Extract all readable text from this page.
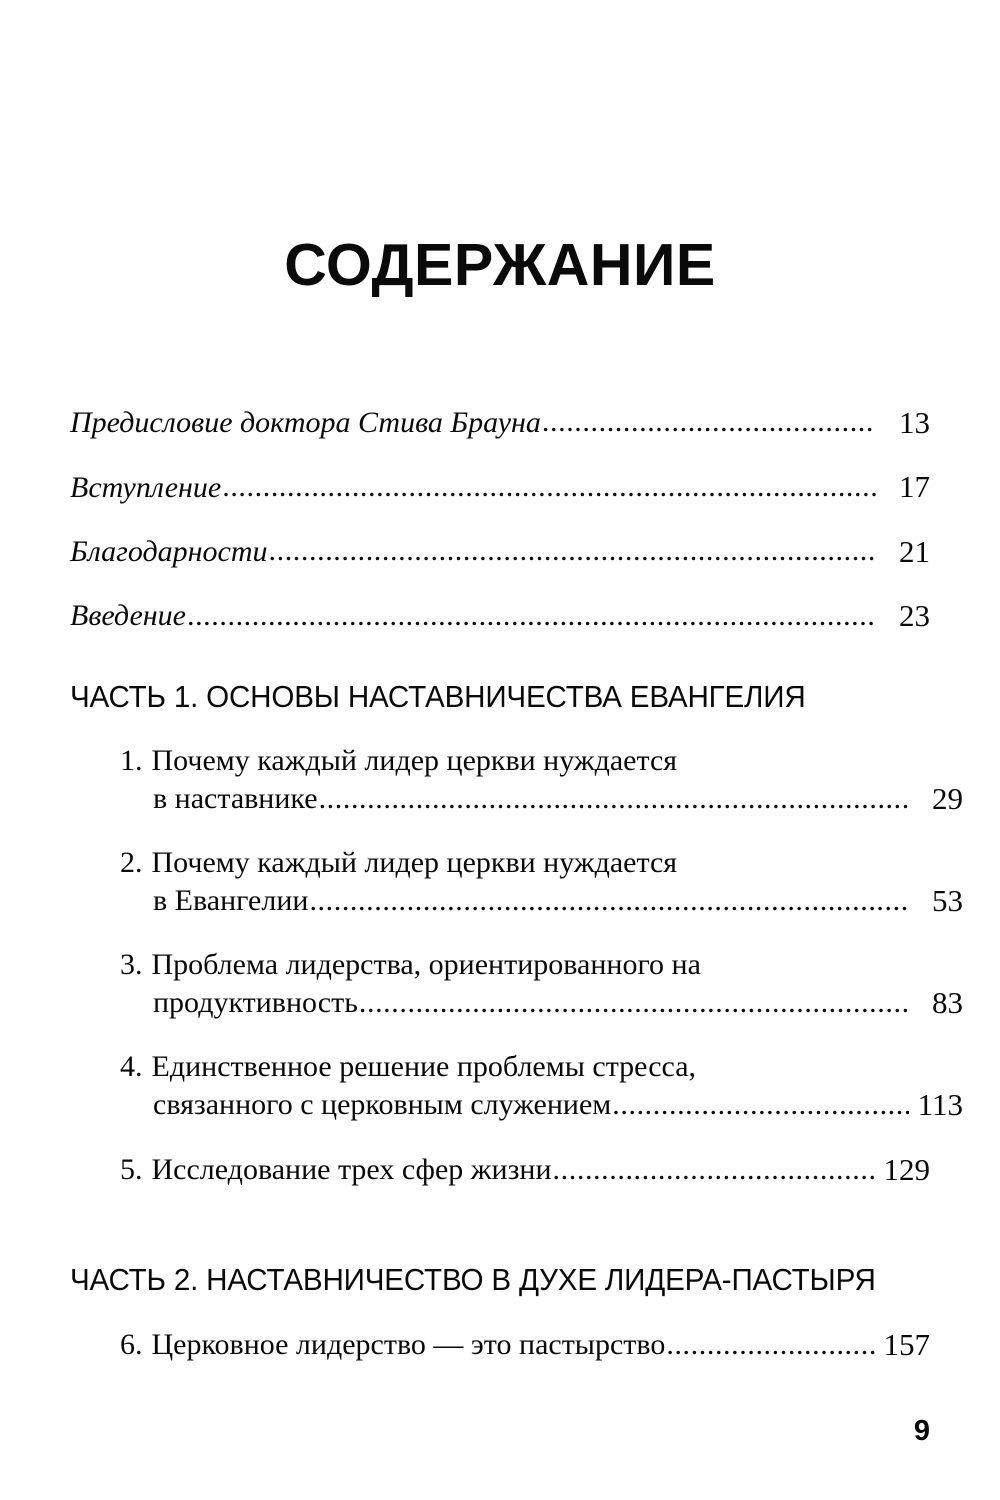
СОДЕРЖАНИЕ
Предисловие доктора Стива Брауна .....	13
Вступление .....	17
Благодарности .....	21
Введение .....	23
ЧАСТЬ 1. ОСНОВЫ НАСТАВНИЧЕСТВА ЕВАНГЕЛИЯ
1. Почему каждый лидер церкви нуждается
в наставнике .....	29
2. Почему каждый лидер церкви нуждается
в Евангелии .....	53
3. Проблема лидерства, ориентированного на
продуктивность .....	83
4. Единственное решение проблемы стресса,
связанного с церковным служением .....	113
5. Исследование трех сфер жизни .....	129
ЧАСТЬ 2. НАСТАВНИЧЕСТВО В ДУХЕ ЛИДЕРА-ПАСТЫРЯ
6. Церковное лидерство — это пастырство .....	157
9
